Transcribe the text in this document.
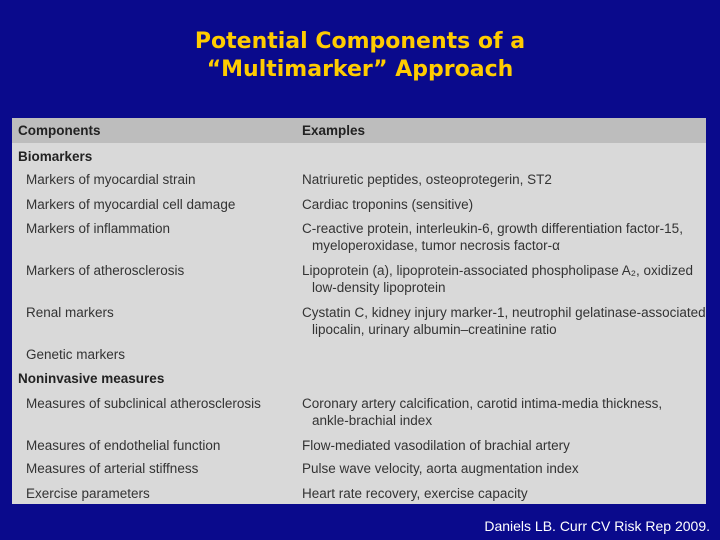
Potential Components of a
“Multimarker” Approach
Components	Examples
Biomarkers
Markers of myocardial strain	Natriuretic peptides, osteoprotegerin, ST2
Markers of myocardial cell damage	Cardiac troponins (sensitive)
Markers of inflammation	C-reactive protein, interleukin-6, growth differentiation factor-15,
myeloperoxidase, tumor necrosis factor-α
Markers of atherosclerosis	Lipoprotein (a), lipoprotein-associated phospholipase A₂, oxidized
low-density lipoprotein
Renal markers	Cystatin C, kidney injury marker-1, neutrophil gelatinase-associated
lipocalin, urinary albumin–creatinine ratio
Genetic markers
Noninvasive measures
Measures of subclinical atherosclerosis	Coronary artery calcification, carotid intima-media thickness,
ankle-brachial index
Measures of endothelial function	Flow-mediated vasodilation of brachial artery
Measures of arterial stiffness	Pulse wave velocity, aorta augmentation index
Exercise parameters	Heart rate recovery, exercise capacity
Daniels LB. Curr CV Risk Rep 2009.
